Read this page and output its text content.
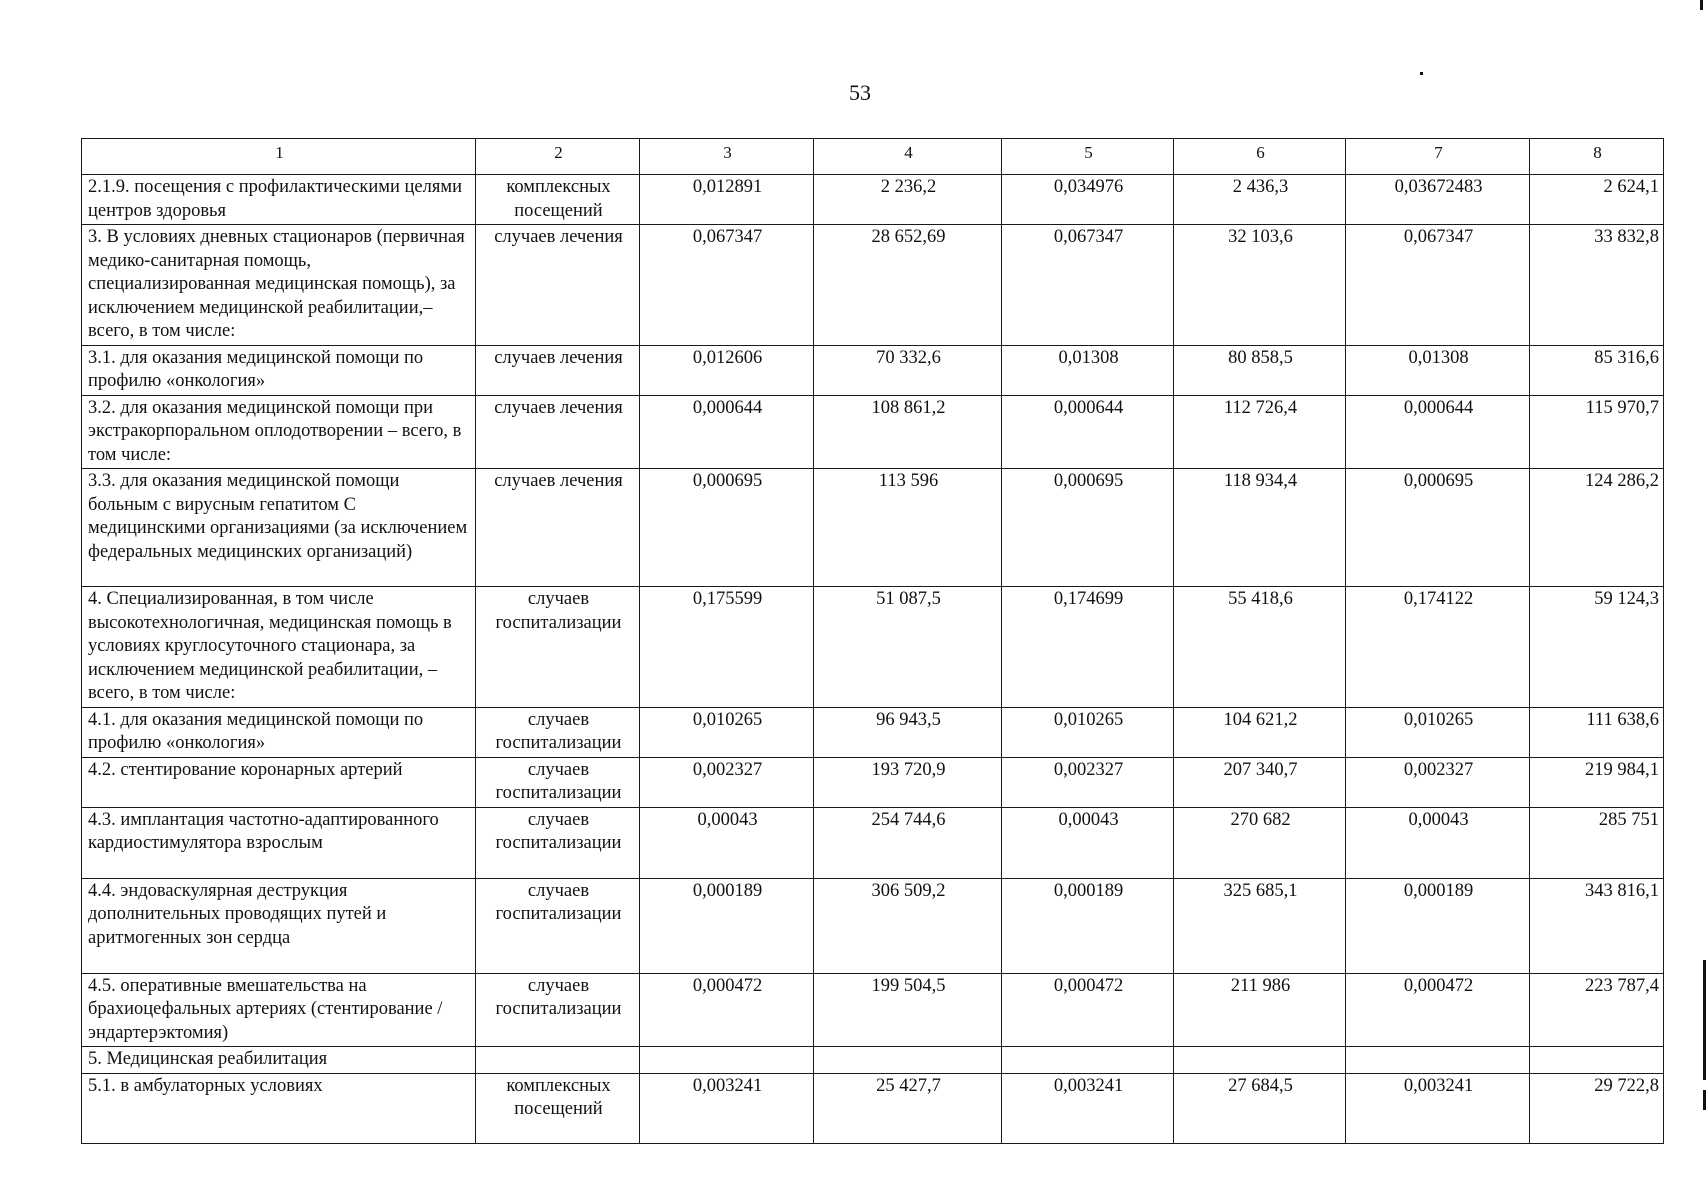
53
1	2	3	4	5	6	7	8
2.1.9. посещения с профилактическими целями центров здоровья	комплексных посещений	0,012891	2 236,2	0,034976	2 436,3	0,03672483	2 624,1
3. В условиях дневных стационаров (первичная медико-санитарная помощь, специализированная медицинская помощь), за исключением медицинской реабилитации,– всего, в том числе:	случаев лечения	0,067347	28 652,69	0,067347	32 103,6	0,067347	33 832,8
3.1. для оказания медицинской помощи по профилю «онкология»	случаев лечения	0,012606	70 332,6	0,01308	80 858,5	0,01308	85 316,6
3.2. для оказания медицинской помощи при экстракорпоральном оплодотворении – всего, в том числе:	случаев лечения	0,000644	108 861,2	0,000644	112 726,4	0,000644	115 970,7
3.3. для оказания медицинской помощи больным с вирусным гепатитом С медицинскими организациями (за исключением федеральных медицинских организаций)	случаев лечения	0,000695	113 596	0,000695	118 934,4	0,000695	124 286,2
4. Специализированная, в том числе высокотехнологичная, медицинская помощь в условиях круглосуточного стационара, за исключением медицинской реабилитации, – всего, в том числе:	случаев госпитализации	0,175599	51 087,5	0,174699	55 418,6	0,174122	59 124,3
4.1. для оказания медицинской помощи по профилю «онкология»	случаев госпитализации	0,010265	96 943,5	0,010265	104 621,2	0,010265	111 638,6
4.2. стентирование коронарных артерий	случаев госпитализации	0,002327	193 720,9	0,002327	207 340,7	0,002327	219 984,1
4.3. имплантация частотно-адаптированного кардиостимулятора взрослым	случаев госпитализации	0,00043	254 744,6	0,00043	270 682	0,00043	285 751
4.4. эндоваскулярная деструкция дополнительных проводящих путей и аритмогенных зон сердца	случаев госпитализации	0,000189	306 509,2	0,000189	325 685,1	0,000189	343 816,1
4.5. оперативные вмешательства на брахиоцефальных артериях (стентирование / эндартерэктомия)	случаев госпитализации	0,000472	199 504,5	0,000472	211 986	0,000472	223 787,4
5. Медицинская реабилитация							
5.1. в амбулаторных условиях	комплексных посещений	0,003241	25 427,7	0,003241	27 684,5	0,003241	29 722,8
